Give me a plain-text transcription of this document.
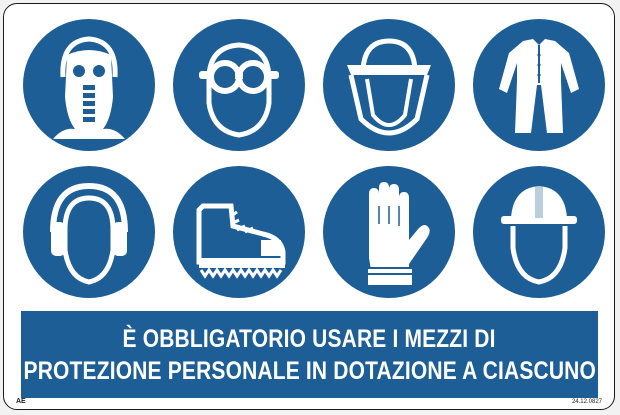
È OBBLIGATORIO USARE I MEZZI DI
PROTEZIONE PERSONALE IN DOTAZIONE A CIASCUNO
AE	24.12.0827
